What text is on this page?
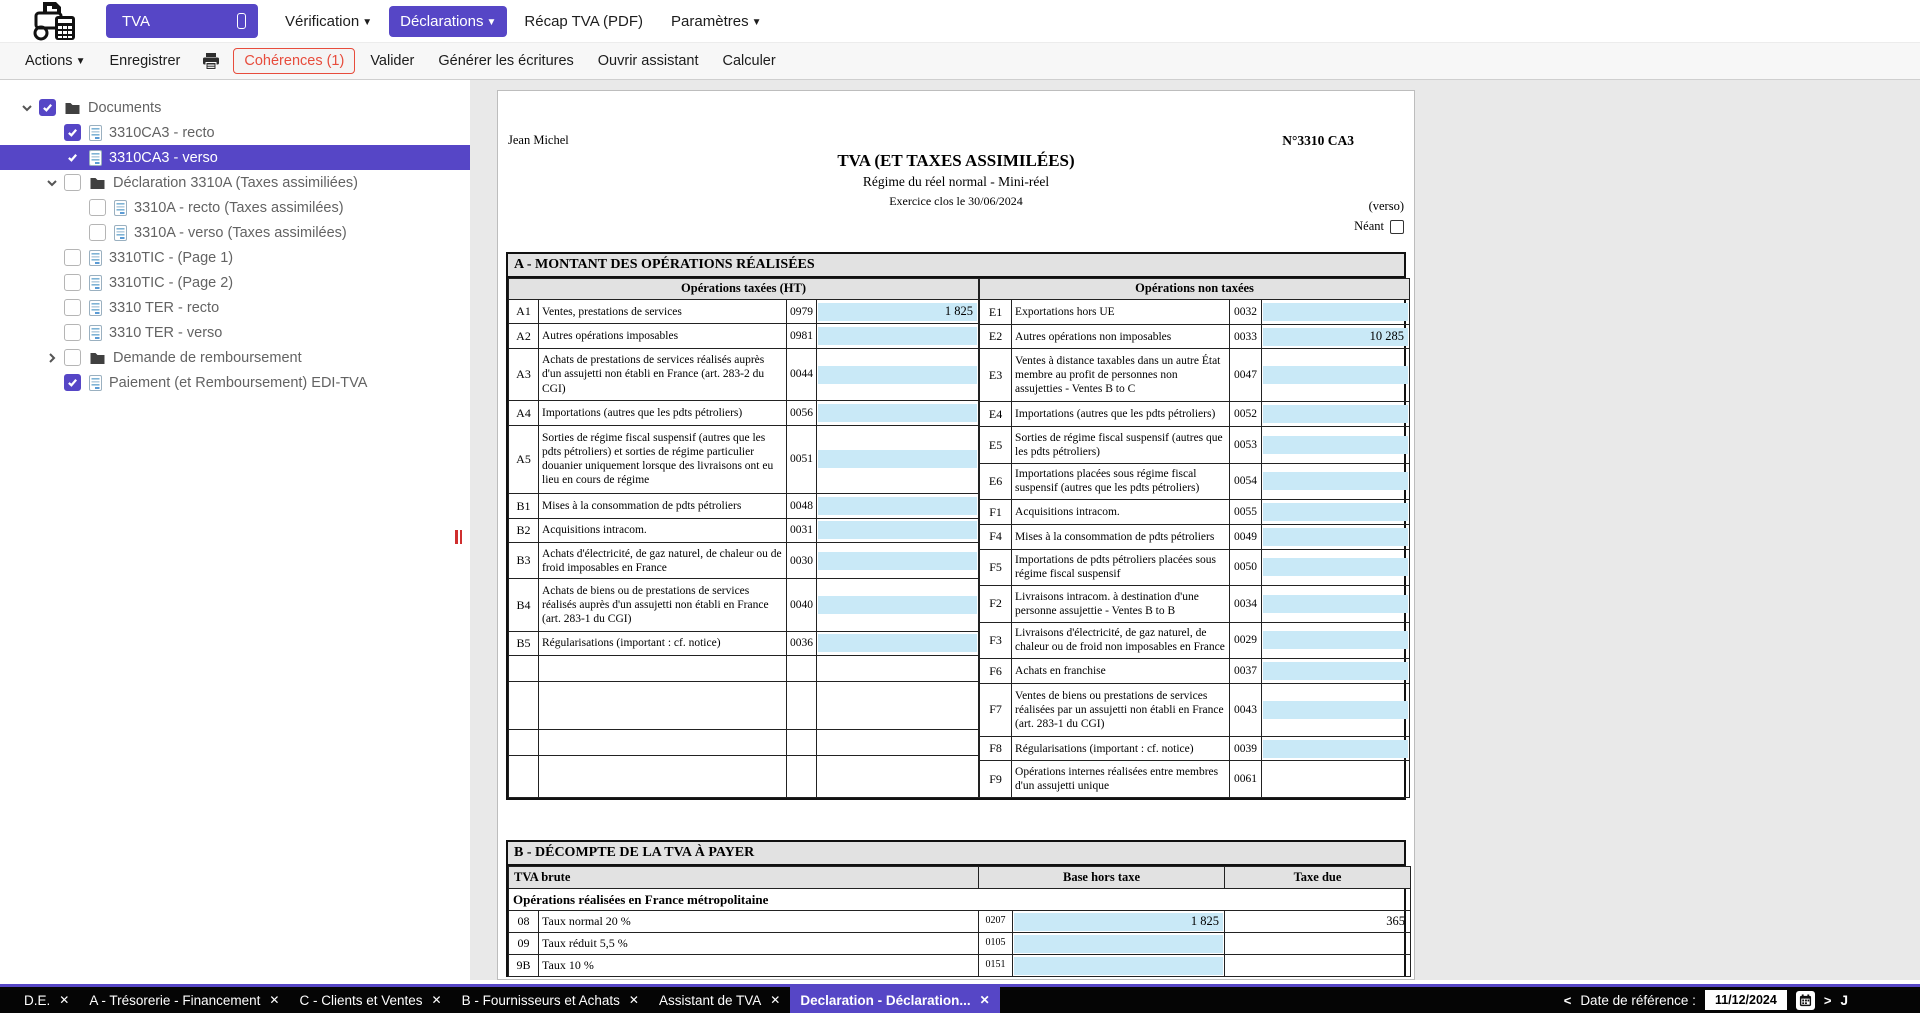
TVA	Vérification ▼	Déclarations ▼	Récap TVA (PDF)	Paramètres ▼
Actions ▼	Enregistrer	Cohérences (1)	Valider	Générer les écritures	Ouvrir assistant	Calculer
Documents
3310CA3 - recto
3310CA3 - verso
Déclaration 3310A (Taxes assimiliées)
3310A - recto (Taxes assimilées)
3310A - verso (Taxes assimilées)
3310TIC - (Page 1)
3310TIC - (Page 2)
3310 TER - recto
3310 TER - verso
Demande de remboursement
Paiement (et Remboursement) EDI-TVA
Jean Michel	N°3310 CA3
TVA (ET TAXES ASSIMILÉES)
Régime du réel normal - Mini-réel
Exercice clos le 30/06/2024	(verso)
Néant
A - MONTANT DES OPÉRATIONS RÉALISÉES
Opérations taxées (HT)			
A1	Ventes, prestations de services	0979	1 825

A2	Autres opérations imposables	0981	

A3	Achats de prestations de services réalisés auprès d'un assujetti non établi en France (art. 283-2 du CGI)	0044	

A4	Importations (autres que les pdts pétroliers)	0056	

A5	Sorties de régime fiscal suspensif (autres que les pdts pétroliers) et sorties de régime particulier douanier uniquement lorsque des livraisons ont eu lieu en cours de régime	0051	

B1	Mises à la consommation de pdts pétroliers	0048	

B2	Acquisitions intracom.	0031	

B3	Achats d'électricité, de gaz naturel, de chaleur ou de froid imposables en France	0030	

B4	Achats de biens ou de prestations de services réalisés auprès d'un assujetti non établi en France (art. 283-1 du CGI)	0040	

B5	Régularisations (important : cf. notice)	0036	

Opérations non taxées			
E1	Exportations hors UE	0032	

E2	Autres opérations non imposables	0033	10 285

E3	Ventes à distance taxables dans un autre État membre au profit de personnes non assujetties - Ventes B to C	0047	

E4	Importations (autres que les pdts pétroliers)	0052	

E5	Sorties de régime fiscal suspensif (autres que les pdts pétroliers)	0053	

E6	Importations placées sous régime fiscal suspensif (autres que les pdts pétroliers)	0054	

F1	Acquisitions intracom.	0055	

F4	Mises à la consommation de pdts pétroliers	0049	

F5	Importations de pdts pétroliers placées sous régime fiscal suspensif	0050	

F2	Livraisons intracom. à destination d'une personne assujettie - Ventes B to B	0034	

F3	Livraisons d'électricité, de gaz naturel, de chaleur ou de froid non imposables en France	0029	

F6	Achats en franchise	0037	

F7	Ventes de biens ou prestations de services réalisées par un assujetti non établi en France (art. 283-1 du CGI)	0043	

F8	Régularisations (important : cf. notice)	0039	

F9	Opérations internes réalisées entre membres d'un assujetti unique	0061	
B - DÉCOMPTE DE LA TVA À PAYER
TVA brute		Base hors taxe		Taxe due
Opérations réalisées en France métropolitaine				
08	Taux normal 20 %	0207	1 825	365

09	Taux réduit 5,5 %	0105	

9B	Taux 10 %	0151	

D.E. ✕ A - Trésorerie - Financement ✕ C - Clients et Ventes ✕ B - Fournisseurs et Achats ✕ Assistant de TVA ✕ Declaration - Déclaration... ✕	< Date de référence :
11/12/2024	> J
